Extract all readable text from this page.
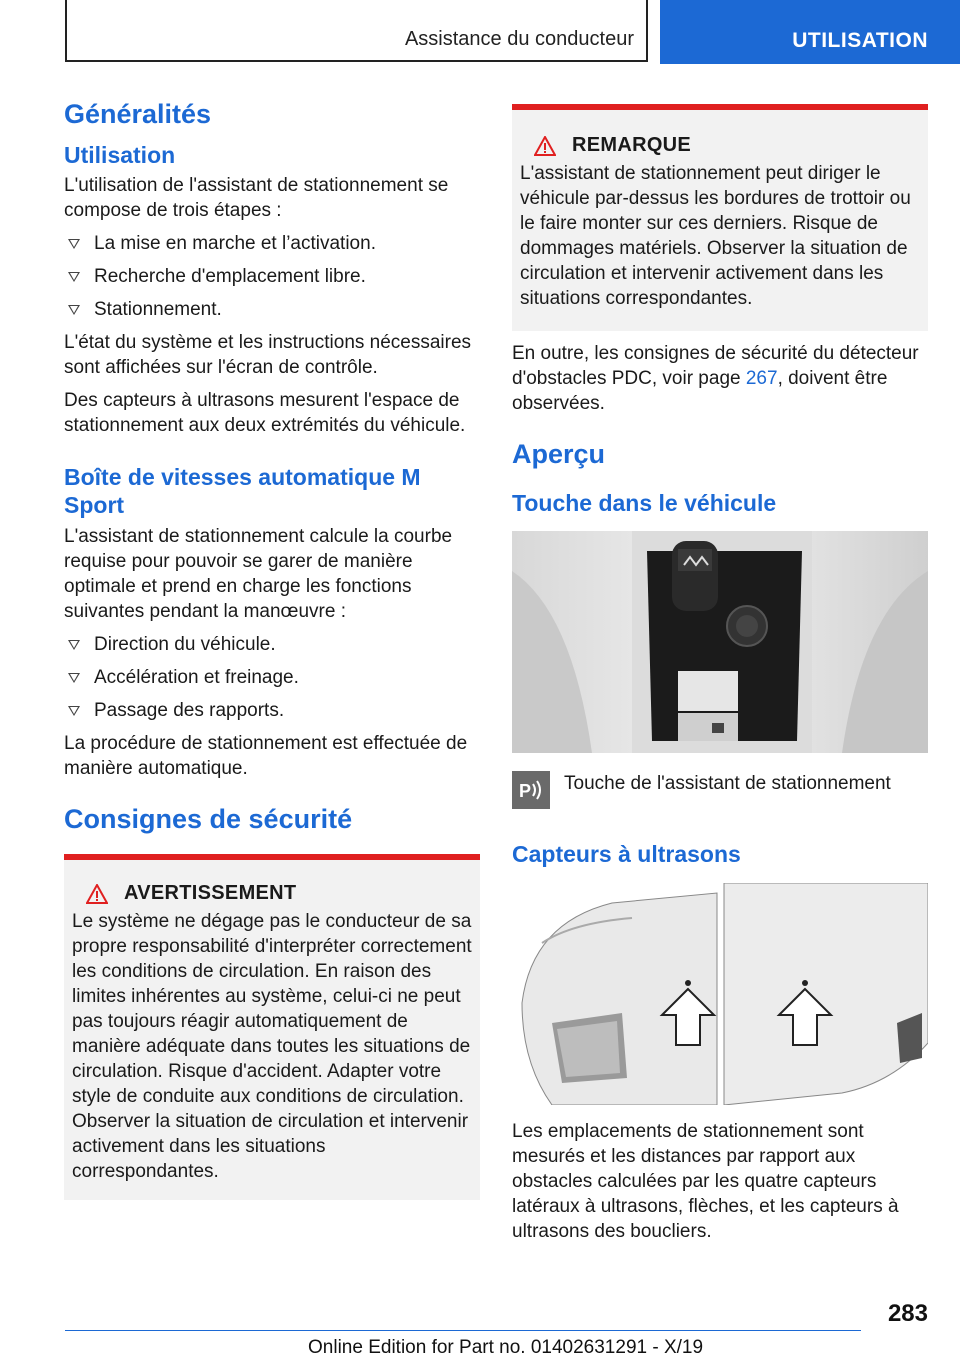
Assistance du conducteur	UTILISATION
Généralités
Utilisation

L'utilisation de l'assistant de stationnement se compose de trois étapes :

La mise en marche et l’activation.
Recherche d'emplacement libre.
Stationnement.

L'état du système et les instructions nécessaires sont affichées sur l'écran de contrôle.

Des capteurs à ultrasons mesurent l'espace de stationnement aux deux extrémités du véhicule.

Boîte de vitesses automatique M Sport

L'assistant de stationnement calcule la courbe requise pour pouvoir se garer de manière optimale et prend en charge les fonctions suivantes pendant la manœuvre :

Direction du véhicule.
Accélération et freinage.
Passage des rapports.

La procédure de stationnement est effectuée de manière automatique.

Consignes de sécurité
AVERTISSEMENT

Le système ne dégage pas le conducteur de sa propre responsabilité d'interpréter correctement les conditions de circulation. En raison des limites inhérentes au système, celui-ci ne peut pas toujours réagir automatiquement de manière adéquate dans toutes les situations de circulation. Risque d'accident. Adapter votre style de conduite aux conditions de circulation. Observer la situation de circulation et intervenir activement dans les situations correspondantes.

REMARQUE

L'assistant de stationnement peut diriger le véhicule par-dessus les bordures de trottoir ou le faire monter sur ces derniers. Risque de dommages matériels. Observer la situation de circulation et intervenir activement dans les situations correspondantes.

En outre, les consignes de sécurité du détecteur d'obstacles PDC, voir page 267, doivent être observées.

Aperçu
Touche dans le véhicule
P Touche de l'assistant de stationnement
Capteurs à ultrasons

Les emplacements de stationnement sont mesurés et les distances par rapport aux obstacles calculées par les quatre capteurs latéraux à ultrasons, flèches, et les capteurs à ultrasons des boucliers.

283
Online Edition for Part no. 01402631291 - X/19
